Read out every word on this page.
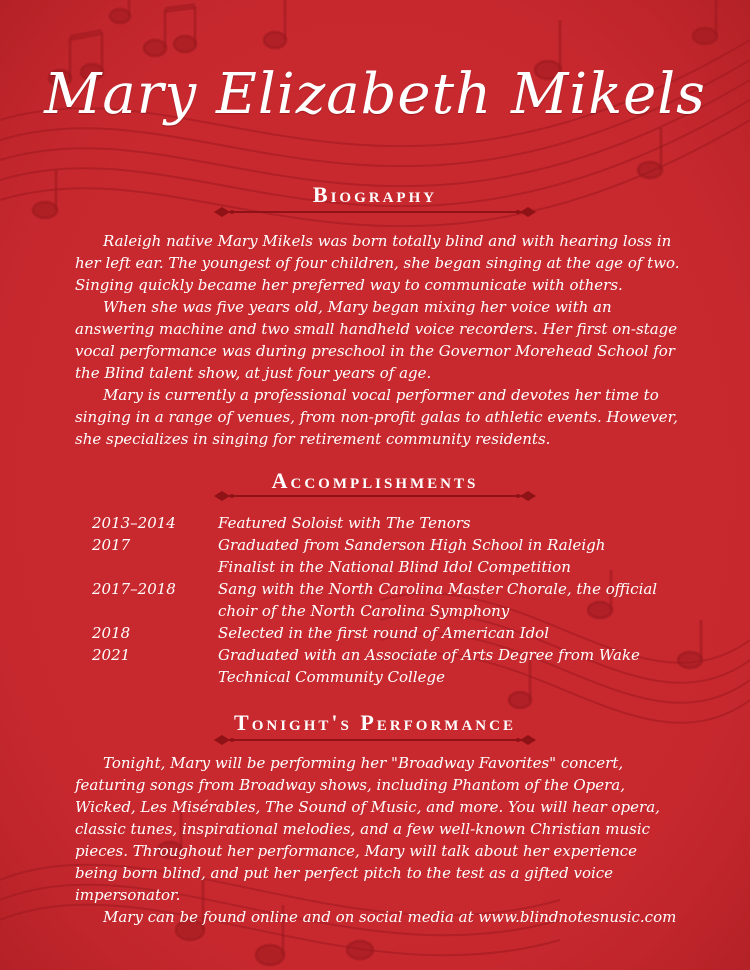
Mary Elizabeth Mikels
Biography

Raleigh native Mary Mikels was born totally blind and with hearing loss in her left ear. The youngest of four children, she began singing at the age of two. Singing quickly became her preferred way to communicate with others.

When she was five years old, Mary began mixing her voice with an answering machine and two small handheld voice recorders. Her first on-stage vocal performance was during preschool in the Governor Morehead School for the Blind talent show, at just four years of age.

Mary is currently a professional vocal performer and devotes her time to singing in a range of venues, from non-profit galas to athletic events. However, she specializes in singing for retirement community residents.

Accomplishments
2013–2014	Featured Soloist with The Tenors
2017	Graduated from Sanderson High School in Raleigh
	Finalist in the National Blind Idol Competition
2017–2018	Sang with the North Carolina Master Chorale, the official choir of the North Carolina Symphony
2018	Selected in the first round of American Idol
2021	Graduated with an Associate of Arts Degree from Wake Technical Community College
Tonight's Performance

Tonight, Mary will be performing her "Broadway Favorites" concert, featuring songs from Broadway shows, including Phantom of the Opera, Wicked, Les Misérables, The Sound of Music, and more. You will hear opera, classic tunes, inspirational melodies, and a few well-known Christian music pieces. Throughout her performance, Mary will talk about her experience being born blind, and put her perfect pitch to the test as a gifted voice impersonator.

Mary can be found online and on social media at www.blindnotesnusic.com
